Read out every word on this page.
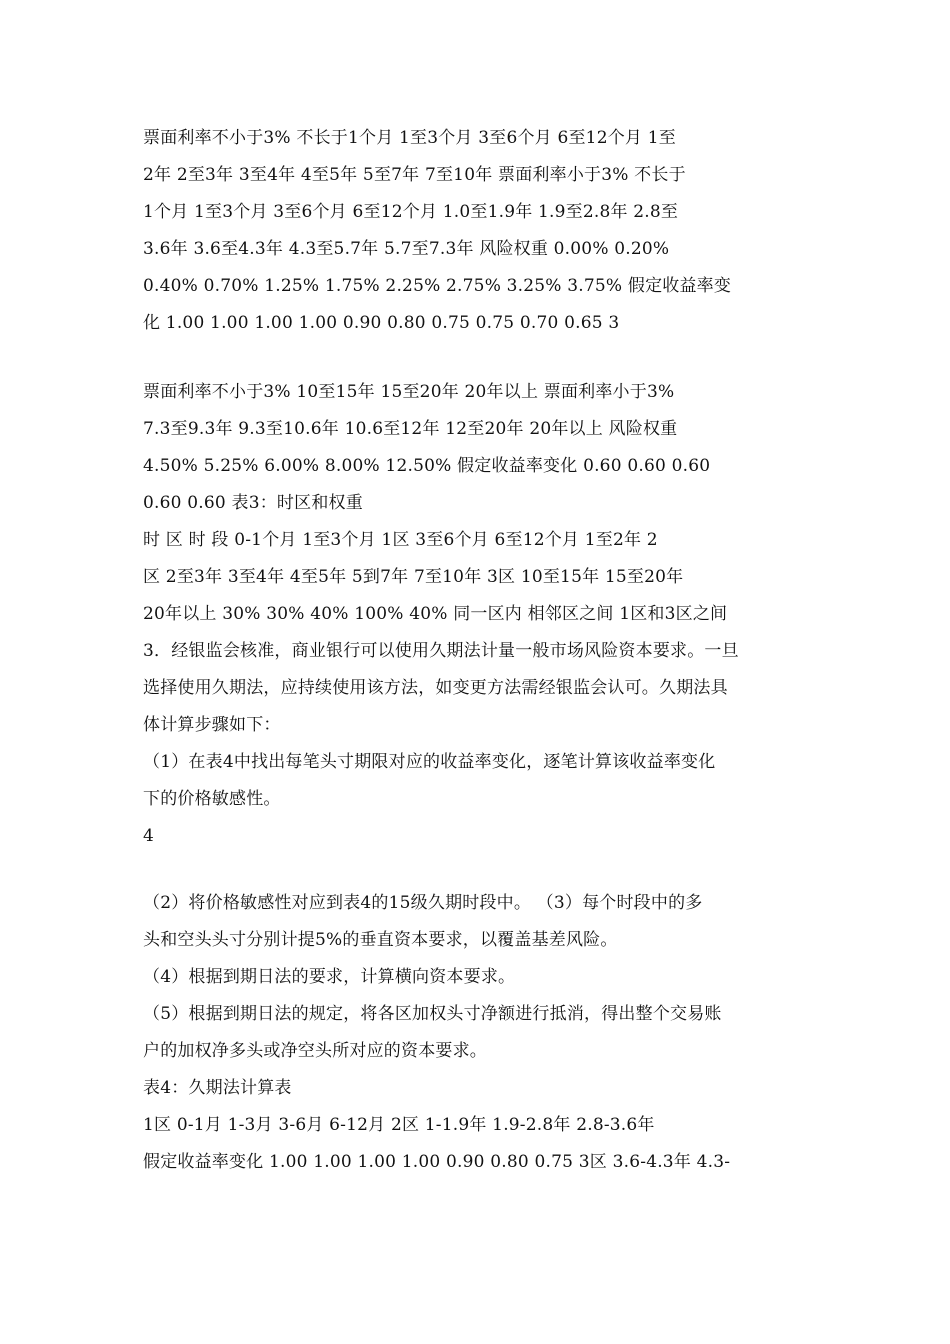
票面利率不小于3% 不长于1个月 1至3个月 3至6个月 6至12个月 1至
2年 2至3年 3至4年 4至5年 5至7年 7至10年 票面利率小于3% 不长于
1个月 1至3个月 3至6个月 6至12个月 1.0至1.9年 1.9至2.8年 2.8至
3.6年 3.6至4.3年 4.3至5.7年 5.7至7.3年 风险权重 0.00% 0.20%
0.40% 0.70% 1.25% 1.75% 2.25% 2.75% 3.25% 3.75% 假定收益率变
化 1.00 1.00 1.00 1.00 0.90 0.80 0.75 0.75 0.70 0.65 3
票面利率不小于3% 10至15年 15至20年 20年以上 票面利率小于3%
7.3至9.3年 9.3至10.6年 10.6至12年 12至20年 20年以上 风险权重
4.50% 5.25% 6.00% 8.00% 12.50% 假定收益率变化 0.60 0.60 0.60
0.60 0.60 表3：时区和权重
时 区 时 段 0-1个月 1至3个月 1区 3至6个月 6至12个月 1至2年 2
区 2至3年 3至4年 4至5年 5到7年 7至10年 3区 10至15年 15至20年
20年以上 30% 30% 40% 100% 40% 同一区内 相邻区之间 1区和3区之间
3．经银监会核准，商业银行可以使用久期法计量一般市场风险资本要求。一旦
选择使用久期法，应持续使用该方法，如变更方法需经银监会认可。久期法具
体计算步骤如下：
（1）在表4中找出每笔头寸期限对应的收益率变化，逐笔计算该收益率变化
下的价格敏感性。
4
（2）将价格敏感性对应到表4的15级久期时段中。 （3）每个时段中的多
头和空头头寸分别计提5%的垂直资本要求，以覆盖基差风险。
（4）根据到期日法的要求，计算横向资本要求。
（5）根据到期日法的规定，将各区加权头寸净额进行抵消，得出整个交易账
户的加权净多头或净空头所对应的资本要求。
表4：久期法计算表
1区 0-1月 1-3月 3-6月 6-12月 2区 1-1.9年 1.9-2.8年 2.8-3.6年
假定收益率变化 1.00 1.00 1.00 1.00 0.90 0.80 0.75 3区 3.6-4.3年 4.3-
